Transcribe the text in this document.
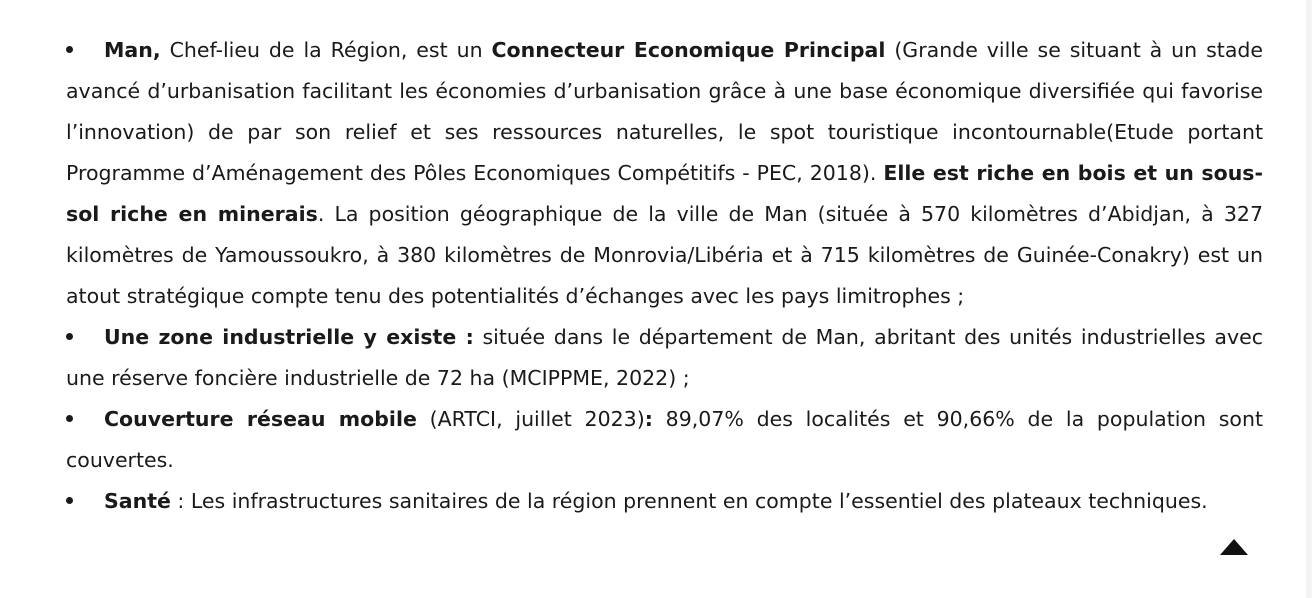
Man, Chef-lieu de la Région, est un Connecteur Economique Principal (Grande ville se situant à un stade avancé d’urbanisation facilitant les économies d’urbanisation grâce à une base économique diversifiée qui favorise l’innovation) de par son relief et ses ressources naturelles, le spot touristique incontournable(Etude portant Programme d’Aménagement des Pôles Economiques Compétitifs - PEC, 2018). Elle est riche en bois et un sous-sol riche en minerais. La position géographique de la ville de Man (située à 570 kilomètres d’Abidjan, à 327 kilomètres de Yamoussoukro, à 380 kilomètres de Monrovia/Libéria et à 715 kilomètres de Guinée-Conakry) est un atout stratégique compte tenu des potentialités d’échanges avec les pays limitrophes ;

Une zone industrielle y existe : située dans le département de Man, abritant des unités industrielles avec une réserve foncière industrielle de 72 ha (MCIPPME, 2022) ;

Couverture réseau mobile (ARTCI, juillet 2023): 89,07% des localités et 90,66% de la population sont couvertes.

Santé : Les infrastructures sanitaires de la région prennent en compte l’essentiel des plateaux techniques.
